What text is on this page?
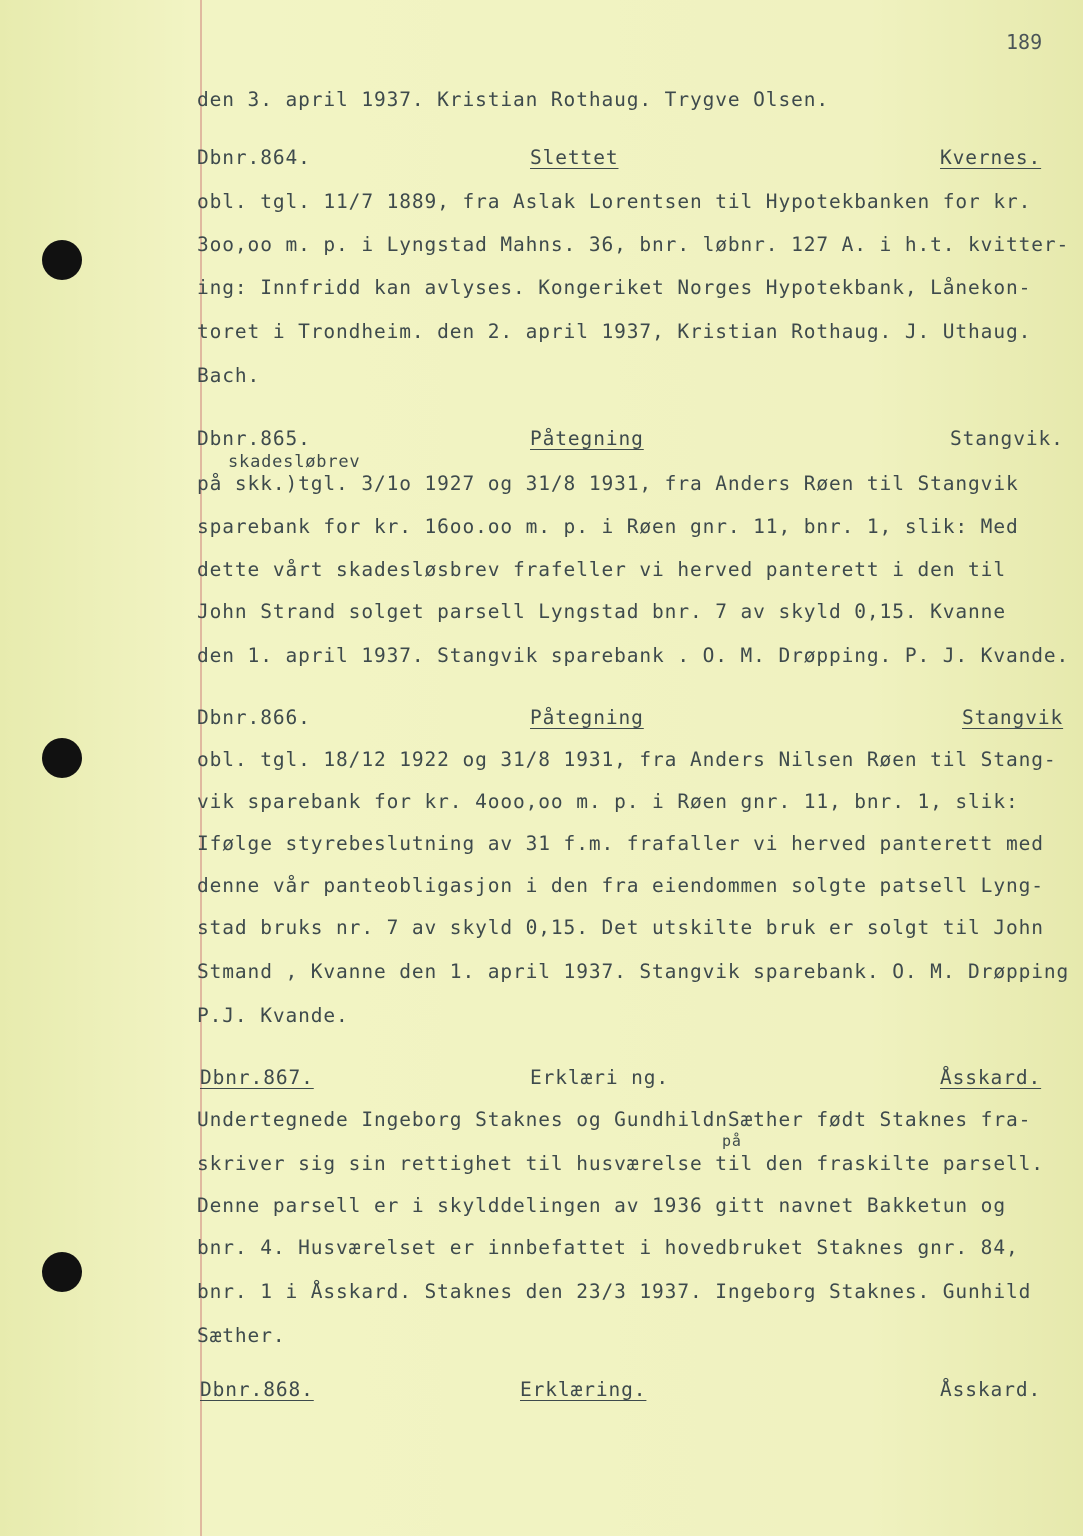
189
den 3. april 1937. Kristian Rothaug. Trygve Olsen.
Dbnr.864.	Slettet	Kvernes.
obl. tgl. 11/7 1889, fra Aslak Lorentsen til Hypotekbanken for kr.
3oo,oo m. p. i Lyngstad Mahns. 36, bnr. løbnr. 127 A. i h.t. kvitter-
ing: Innfridd kan avlyses. Kongeriket Norges Hypotekbank, Lånekon-
toret i Trondheim. den 2. april 1937, Kristian Rothaug. J. Uthaug.
Bach.
Dbnr.865.	Påtegning	Stangvik.
skadesløbrev
på skk.)tgl. 3/1o 1927 og 31/8 1931, fra Anders Røen til Stangvik
sparebank for kr. 16oo.oo m. p. i Røen gnr. 11, bnr. 1, slik: Med
dette vårt skadesløsbrev frafeller vi herved panterett i den til
John Strand solget parsell Lyngstad bnr. 7 av skyld 0,15. Kvanne
den 1. april 1937. Stangvik sparebank . O. M. Drøpping. P. J. Kvande.
Dbnr.866.	Påtegning	Stangvik
obl. tgl. 18/12 1922 og 31/8 1931, fra Anders Nilsen Røen til Stang-
vik sparebank for kr. 4ooo,oo m. p. i Røen gnr. 11, bnr. 1, slik:
Ifølge styrebeslutning av 31 f.m. frafaller vi herved panterett med
denne vår panteobligasjon i den fra eiendommen solgte patsell Lyng-
stad bruks nr. 7 av skyld 0,15. Det utskilte bruk er solgt til John
Stmand , Kvanne den 1. april 1937. Stangvik sparebank. O. M. Drøpping
P.J. Kvande.
Dbnr.867.	Erklæri ng.	Åsskard.
Undertegnede Ingeborg Staknes og GundhildnSæther født Staknes fra-
på
skriver sig sin rettighet til husværelse til den fraskilte parsell.
Denne parsell er i skylddelingen av 1936 gitt navnet Bakketun og
bnr. 4. Husværelset er innbefattet i hovedbruket Staknes gnr. 84,
bnr. 1 i Åsskard. Staknes den 23/3 1937. Ingeborg Staknes. Gunhild
Sæther.
Dbnr.868.	Erklæring.	Åsskard.
